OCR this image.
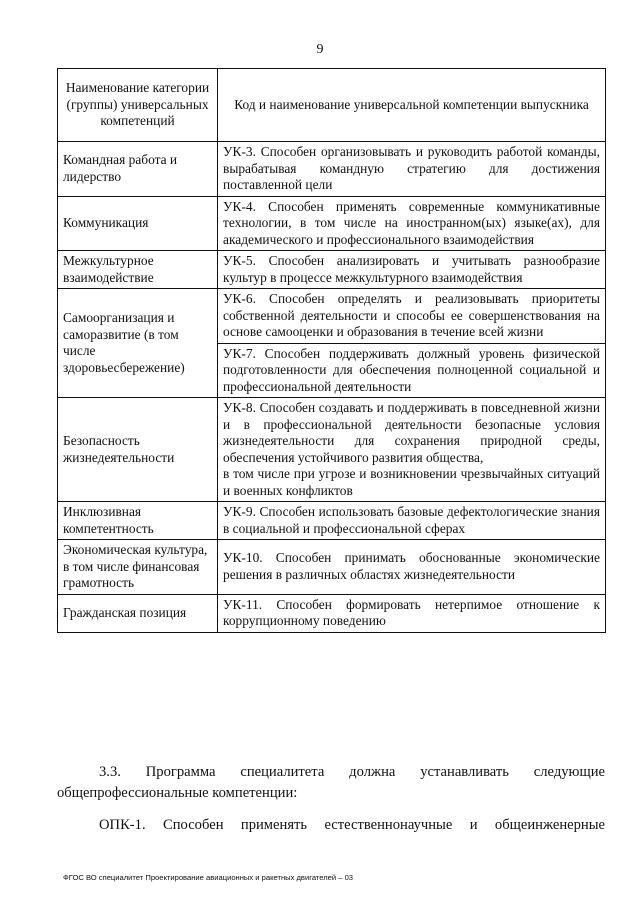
9
Наименование категории (группы) универсальных компетенций	Код и наименование универсальной компетенции выпускника
Командная работа и лидерство	УК-3. Способен организовывать и руководить работой команды, вырабатывая командную стратегию для достижения поставленной цели
Коммуникация	УК-4. Способен применять современные коммуникативные технологии, в том числе на иностранном(ых) языке(ах), для академического и профессионального взаимодействия
Межкультурное взаимодействие	УК-5. Способен анализировать и учитывать разнообразие культур в процессе межкультурного взаимодействия
Самоорганизация и саморазвитие (в том числе здоровьесбережение)	УК-6. Способен определять и реализовывать приоритеты собственной деятельности и способы ее совершенствования на основе самооценки и образования в течение всей жизни
	УК-7. Способен поддерживать должный уровень физической подготовленности для обеспечения полноценной социальной и профессиональной деятельности
Безопасность жизнедеятельности	УК-8. Способен создавать и поддерживать в повседневной жизни и в профессиональной деятельности безопасные условия жизнедеятельности для сохранения природной среды, обеспечения устойчивого развития общества,
в том числе при угрозе и возникновении чрезвычайных ситуаций и военных конфликтов

Инклюзивная компетентность	УК-9. Способен использовать базовые дефектологические знания в социальной и профессиональной сферах
Экономическая культура, в том числе финансовая грамотность	УК-10. Способен принимать обоснованные экономические решения в различных областях жизнедеятельности
Гражданская позиция	УК-11. Способен формировать нетерпимое отношение к коррупционному поведению
3.3. Программа специалитета должна устанавливать следующие
общепрофессиональные компетенции:
ОПК-1. Способен применять естественнонаучные и общеинженерные
ФГОС ВО специалитет Проектирование авиационных и ракетных двигателей – 03
